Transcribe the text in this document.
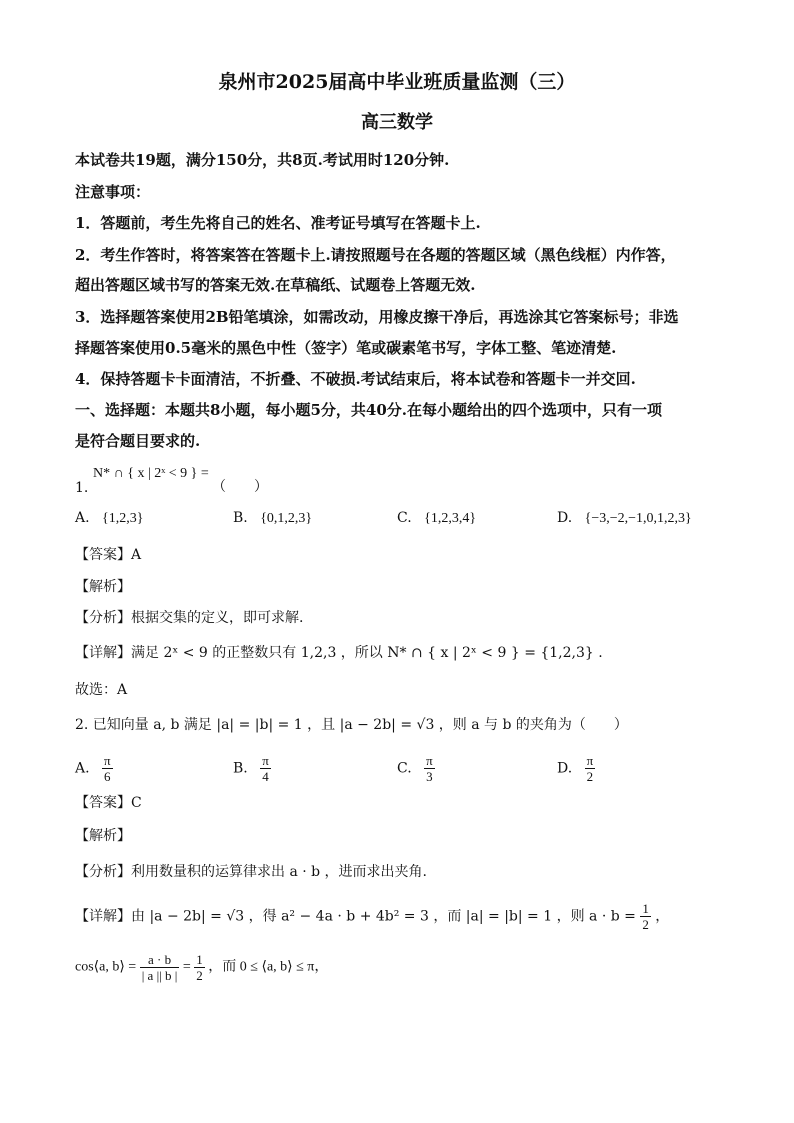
泉州市2025届高中毕业班质量监测（三）
高三数学
本试卷共19题，满分150分，共8页.考试用时120分钟.
注意事项：
1．答题前，考生先将自己的姓名、准考证号填写在答题卡上.
2．考生作答时，将答案答在答题卡上.请按照题号在各题的答题区域（黑色线框）内作答，
超出答题区域书写的答案无效.在草稿纸、试题卷上答题无效.
3．选择题答案使用2B铅笔填涂，如需改动，用橡皮擦干净后，再选涂其它答案标号；非选
择题答案使用0.5毫米的黑色中性（签字）笔或碳素笔书写，字体工整、笔迹清楚.
4．保持答题卡卡面清洁，不折叠、不破损.考试结束后，将本试卷和答题卡一并交回.
一、选择题：本题共8小题，每小题5分，共40分.在每小题给出的四个选项中，只有一项
是符合题目要求的.
1.
N* ∩ { x | 2ˣ < 9 } =
（　　）
A. {1,2,3}	B. {0,1,2,3}	C. {1,2,3,4}	D. {−3,−2,−1,0,1,2,3}
【答案】A
【解析】
【分析】根据交集的定义，即可求解.
【详解】满足 2ˣ < 9 的正整数只有 1,2,3 ，所以 N* ∩ { x | 2ˣ < 9 } = {1,2,3} .
故选：A
2. 已知向量 a, b 满足 |a| = |b| = 1 ，且 |a − 2b| = √3 ，则 a 与 b 的夹角为（　　）
A. $\frac{\pi}{6}$	B. $\frac{\pi}{4}$	C. $\frac{\pi}{3}$	D. $\frac{\pi}{2}$
【答案】C
【解析】
【分析】利用数量积的运算律求出 a · b ，进而求出夹角.
【详解】由 |a − 2b| = √3 ，得 a² − 4a · b + 4b² = 3 ，而 |a| = |b| = 1 ，则 $a \cdot b = \frac{1}{2}$ ，
cos⟨a, b⟩ = $\frac{a \cdot b}{| a || b |} = \frac{1}{2}$ ，而 0 ≤ ⟨a, b⟩ ≤ π，
